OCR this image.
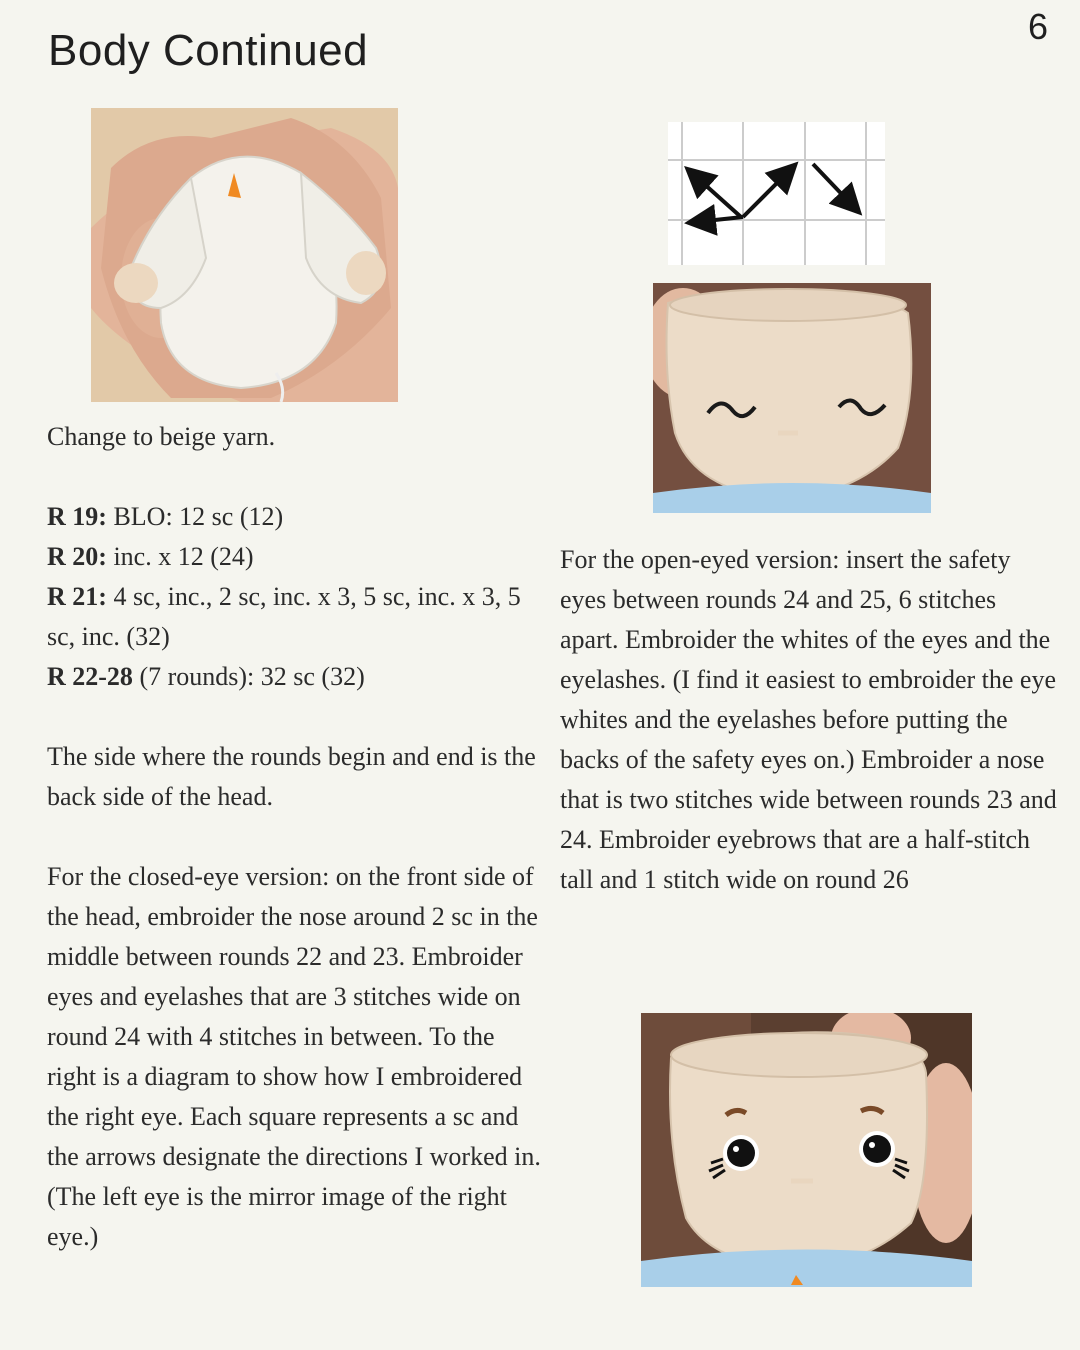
Body Continued	6

Change to beige yarn.

R 19: BLO: 12 sc (12)

R 20: inc. x 12 (24)

R 21: 4 sc, inc., 2 sc, inc. x 3, 5 sc, inc. x 3, 5 sc, inc. (32)

R 22-28 (7 rounds): 32 sc (32)

The side where the rounds begin and end is the back side of the head.

For the closed-eye version: on the front side of the head, embroider the nose around 2 sc in the middle between rounds 22 and 23. Embroider eyes and eyelashes that are 3 stitches wide on round 24 with 4 stitches in between. To the right is a diagram to show how I embroidered the right eye. Each square represents a sc and the arrows designate the directions I worked in. (The left eye is the mirror image of the right eye.)

For the open-eyed version: insert the safety eyes between rounds 24 and 25, 6 stitches apart. Embroider the whites of the eyes and the eyelashes. (I find it easiest to embroider the eye whites and the eyelashes before putting the backs of the safety eyes on.) Embroider a nose that is two stitches wide between rounds 23 and 24. Embroider eyebrows that are a half-stitch tall and 1 stitch wide on round 26
